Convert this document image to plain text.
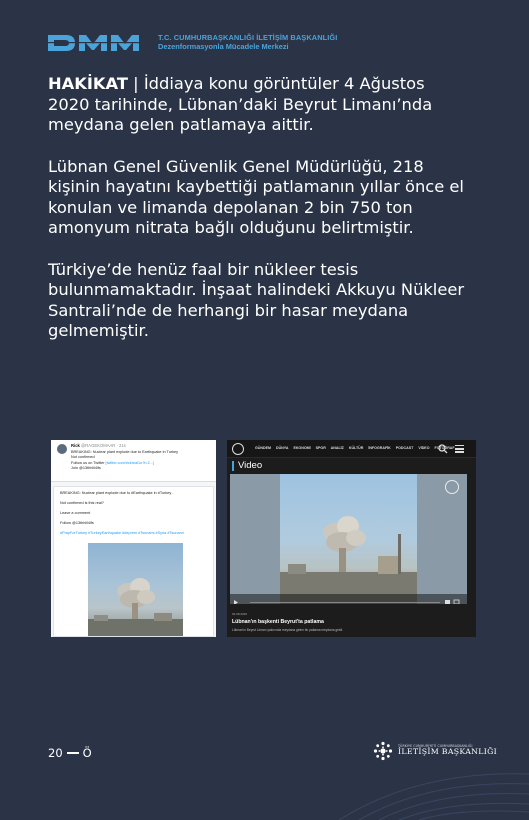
T.C. CUMHURBAŞKANLIĞI İLETİŞİM BAŞKANLIĞI
Dezenformasyonla Mücadele Merkezi

HAKİKAT | İddiaya konu görüntüler 4 Ağustos 2020 tarihinde, Lübnan’daki Beyrut Limanı’nda meydana gelen patlamaya aittir.

Lübnan Genel Güvenlik Genel Müdürlüğü, 218 kişinin hayatını kaybettiği patlamanın yıllar önce el konulan ve limanda depolanan 2 bin 750 ton amonyum nitrata bağlı olduğunu belirtmiştir.

Türkiye’de henüz faal bir nükleer tesis bulunmamaktadır. İnşaat halindeki Akkuyu Nükleer Santrali’nde de herhangi bir hasar meydana gelmemiştir.

Rick @RAGEKOMAAR · 21s
BREAKING: Nuclear plant explode due to Earthquake in Turkey
Not confirmed
Follow us on Twitter [twitter.com/rickreal1o?t=2...]
Join @13thhill4ifs
BREAKING: Nuclear plant explode due to #Earthquake in #Turkey .
Not confirmed is this real?
Leave a comment
Follow @13thhill4ifs
#PrayForTurkey #TurkeyEarthquake #deprem #Tsunami #Syria #Tsunami
GÜNDEM DÜNYA EKONOMİ SPOR ANALİZ KÜLTÜR İNFOGRAFİK PODCAST VİDEO FOTOĞRAF
Video
04.08.2020
Lübnan'ın başkenti Beyrut'ta patlama
Lübnan'ın Beyrut Limanı yakınında meydana gelen bir patlama meydana geldi.
20 Ö
TÜRKİYE CUMHURİYETİ CUMHURBAŞKANLIĞI
İLETİŞİM BAŞKANLIĞI
